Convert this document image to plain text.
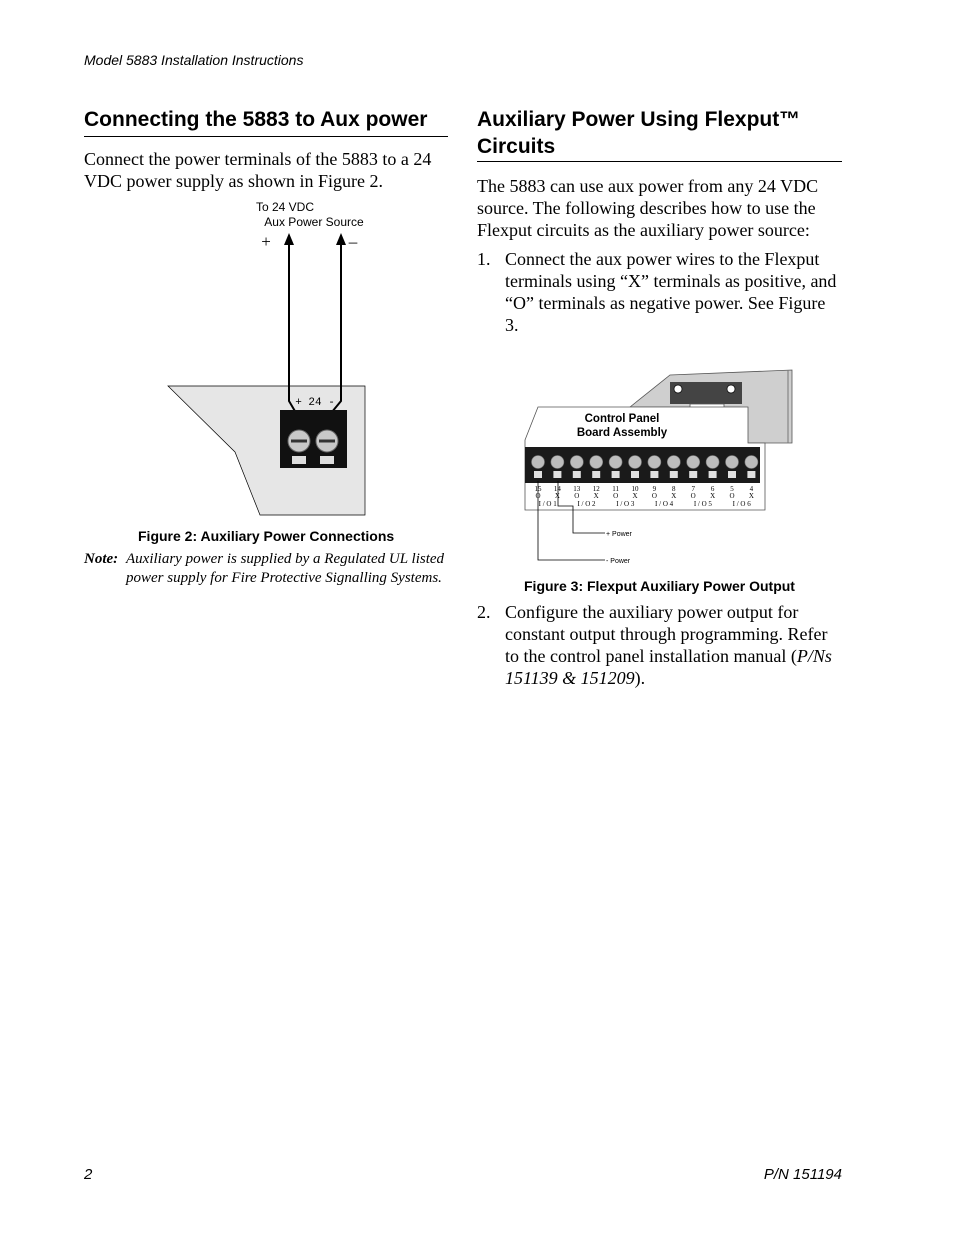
Model 5883 Installation Instructions
Connecting the 5883 to Aux power
Connect the power terminals of the 5883 to a 24 VDC power supply as shown in Figure 2.
To 24 VDC
Aux Power Source
+	–
+ 24 -
Figure 2: Auxiliary Power Connections
Note: Auxiliary power is supplied by a Regulated UL listed power supply for Fire Protective Signalling Systems.
Auxiliary Power Using Flexput™ Circuits
The 5883 can use aux power from any 24 VDC source. The following describes how to use the Flexput circuits as the auxiliary power source:
1. Connect the aux power wires to the Flexput terminals using “X” terminals as positive, and “O” terminals as negative power. See Figure 3.
Control Panel
Board Assembly
15
O
14
X
13
O
12
X
11
O
10
X
9
O
8
X
7
O
6
X
5
O
4
X
I / O 1	I / O 2	I / O 3	I / O 4	I / O 5	I / O 6
+ Power
- Power
Figure 3: Flexput Auxiliary Power Output
2. Configure the auxiliary power output for constant output through programming. Refer to the control panel installation manual (P/Ns 151139 & 151209).
2	P/N 151194
